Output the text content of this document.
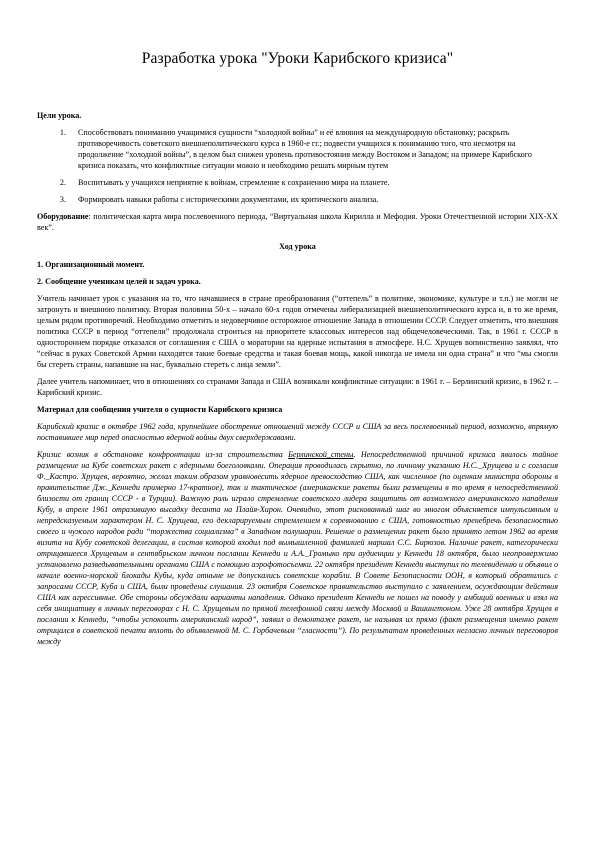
Разработка урока "Уроки Карибского кризиса"

Цели урока.

1.	Способствовать пониманию учащимися сущности “холодной войны” и её влияния на международную обстановку; раскрыть противоречивость советского внешнеполитического курса в 1960-е гг.; подвести учащихся к пониманию того, что несмотря на продолжение “холодной войны”, в целом был снижен уровень противостояния между Востоком и Западом; на примере Карибского кризиса показать, что конфликтные ситуации можно и необходимо решать мирным путем
2.	Воспитывать у учащихся неприятие к войнам, стремление к сохранению мира на планете.
3.	Формировать навыки работы с историческими документами, их критического анализа.

Оборудование: политическая карта мира послевоенного периода, “Виртуальная школа Кирилла и Мефодия. Уроки Отечественной истории XIX-XX век”.

Ход урока

1. Организационный момент.

2. Сообщение ученикам целей и задач урока.

Учитель начинает урок с указания на то, что начавшиеся в стране преобразования (“оттепель” в политике, экономике, культуре и т.п.) не могли не затронуть и внешнюю политику. Вторая половина 50-х – начало 60-х годов отмечены либерализацией внешнеполитического курса и, в то же время, целым рядом противоречий. Необходимо отметить и недоверчивое осторожное отношение Запада в отношении СССР. Следует отметить, что внешняя политика СССР в период “оттепели” продолжала строиться на приоритете классовых интересов над общечеловеческими. Так, в 1961 г. СССР в одностороннем порядке отказался от соглашения с США о моратории на ядерные испытания в атмосфере. Н.С. Хрущев вопинственно заявлял, что “сейчас в руках Советской Армии находятся такие боевые средства и такая боевая мощь, какой никогда не имела ни одна страна” и что “мы смогли бы стереть страны, напавшие на нас, буквально стереть с лица земли”.

Далее учитель напоминает, что в отношениях со странами Запада и США возникали конфликтные ситуации: в 1961 г. – Берлинский кризис, в 1962 г. – Карибский кризис.

Материал для сообщения учителя о сущности Карибского кризиса

Карибский кризис в октябре 1962 года, крупнейшее обострение отношений между СССР и США за весь послевоенный период, возможно, впрямую поставившее мир перед опасностью ядерной войны двух сверхдержавами.

Кризис возник в обстановке конфронтации из-за строительства Берлинской_стены. Непосредственной причиной кризиса явилось тайное размещение на Кубе советских ракет с ядерными боеголовками. Операция проводилась скрытно, по личному указанию Н.С._Хрущева и с согласия Ф._Кастро. Хрущев, вероятно, желал таким образом уравновесить ядерное превосходство США, как численное (по оценкам министра обороны в правительстве Дж._Кеннеди примерно 17-кратное), так и тактическое (американские ракеты были размещены в то время в непосредственной близости от границ СССР - в Турции). Важную роль играло стремление советского лидера защитить от возможного американского нападения Кубу, в апреле 1961 отразившую высадку десанта на Плайя-Хирон. Очевидно, этот рискованный шаг во многом объясняется импульсивным и непредсказуемым характером Н. С. Хрущева, его декларируемым стремлением к соревнованию с США, готовностью пренебречь безопасностью своего и чужого народов ради “торжества социализма” в Западном полушарии. Решение о размещении ракет было принято летом 1962 во время визита на Кубу советской делегации, в состав которой входил под вымышленной фамилией маршал С.С. Бирюзов. Наличие ракет, категорически отрицавшееся Хрущевым в сентябрьском личном послании Кеннеди и А.А._Громыко при аудиенции у Кеннеди 18 октября, было неопровержимо установлено разведывательными органами США с помощью аэрофотосъемки. 22 октября президент Кеннеди выступил по телевидению и объявил о начале военно-морской блокады Кубы, куда отныне не допускались советские корабли. В Совете Безопасности ООН, в который обратились с запросами СССР, Куба и США, были проведены слушания. 23 октября Советское правительство выступило с заявлением, осуждающим действия США как агрессивные. Обе стороны обсуждали варианты нападения. Однако президент Кеннеди не пошел на поводу у амбиций военных и взял на себя инициативу в личных переговорах с Н. С. Хрущевым по прямой телефонной связи между Москвой и Вашингтоном. Уже 28 октября Хрущев в послании к Кеннеди, “чтобы успокоить американский народ”, заявил о демонтаже ракет, не называя их прямо (факт размещения именно ракет отрицался в советской печати вплоть до объявленной М. С. Горбачевым “гласности”). По результатам проведенных негласно личных переговоров между
